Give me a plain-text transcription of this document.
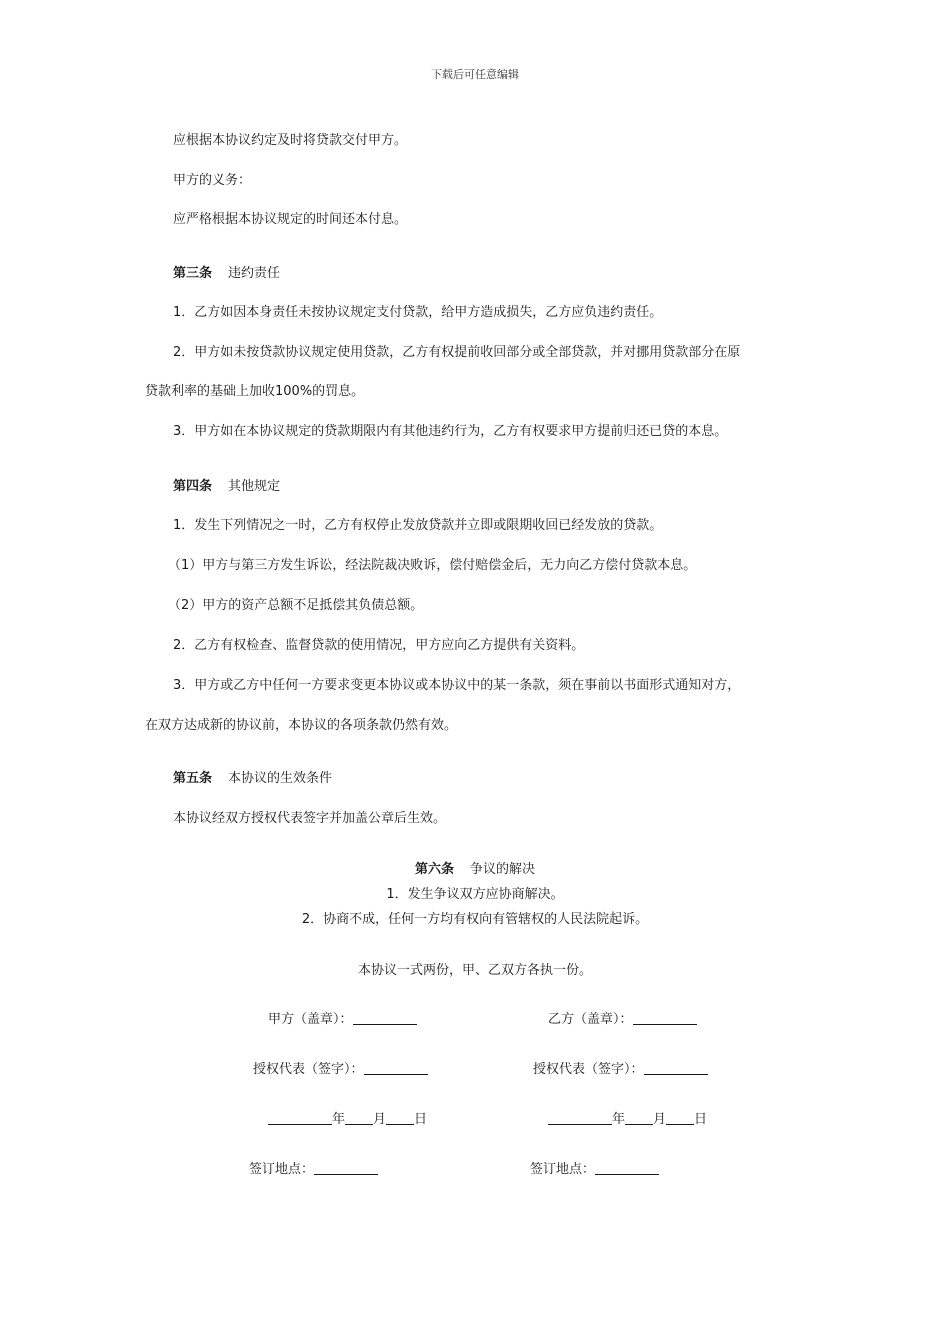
下载后可任意编辑
应根据本协议约定及时将贷款交付甲方。
甲方的义务：
应严格根据本协议规定的时间还本付息。
第三条 违约责任
1．乙方如因本身责任未按协议规定支付贷款，给甲方造成损失，乙方应负违约责任。
2．甲方如未按贷款协议规定使用贷款，乙方有权提前收回部分或全部贷款，并对挪用贷款部分在原
贷款利率的基础上加收100%的罚息。
3．甲方如在本协议规定的贷款期限内有其他违约行为，乙方有权要求甲方提前归还已贷的本息。
第四条 其他规定
1．发生下列情况之一时，乙方有权停止发放贷款并立即或限期收回已经发放的贷款。
（1）甲方与第三方发生诉讼，经法院裁决败诉，偿付赔偿金后，无力向乙方偿付贷款本息。
（2）甲方的资产总额不足抵偿其负债总额。
2．乙方有权检查、监督贷款的使用情况，甲方应向乙方提供有关资料。
3．甲方或乙方中任何一方要求变更本协议或本协议中的某一条款，须在事前以书面形式通知对方，
在双方达成新的协议前，本协议的各项条款仍然有效。
第五条 本协议的生效条件
本协议经双方授权代表签字并加盖公章后生效。
第六条 争议的解决
1．发生争议双方应协商解决。
2．协商不成，任何一方均有权向有管辖权的人民法院起诉。
本协议一式两份，甲、乙双方各执一份。
甲方（盖章）：
授权代表（签字）：
年 月 日
签订地点：
乙方（盖章）：
授权代表（签字）：
年 月 日
签订地点：
